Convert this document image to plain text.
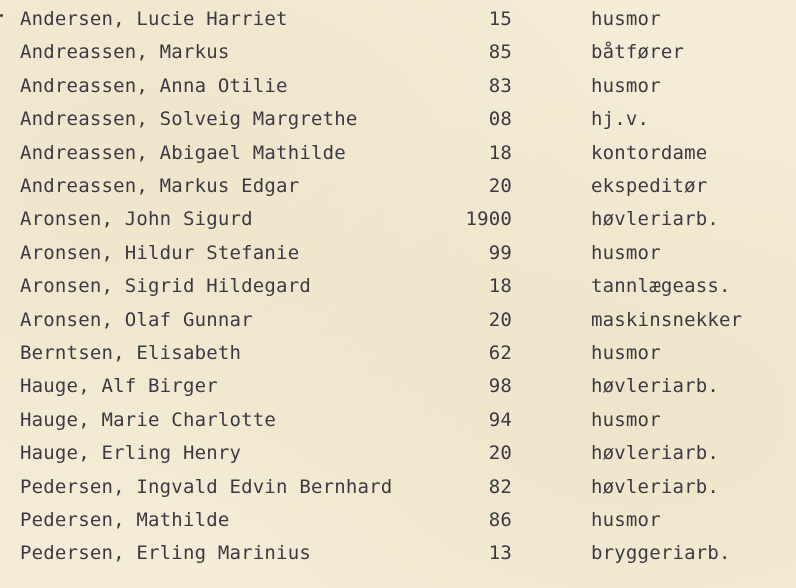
Andersen, Lucie Harriet	15	husmor
Andreassen, Markus	85	båtfører
Andreassen, Anna Otilie	83	husmor
Andreassen, Solveig Margrethe	08	hj.v.
Andreassen, Abigael Mathilde	18	kontordame
Andreassen, Markus Edgar	20	ekspeditør
Aronsen, John Sigurd	1900	høvleriarb.
Aronsen, Hildur Stefanie	99	husmor
Aronsen, Sigrid Hildegard	18	tannlægeass.
Aronsen, Olaf Gunnar	20	maskinsnekker
Berntsen, Elisabeth	62	husmor
Hauge, Alf Birger	98	høvleriarb.
Hauge, Marie Charlotte	94	husmor
Hauge, Erling Henry	20	høvleriarb.
Pedersen, Ingvald Edvin Bernhard	82	høvleriarb.
Pedersen, Mathilde	86	husmor
Pedersen, Erling Marinius	13	bryggeriarb.
